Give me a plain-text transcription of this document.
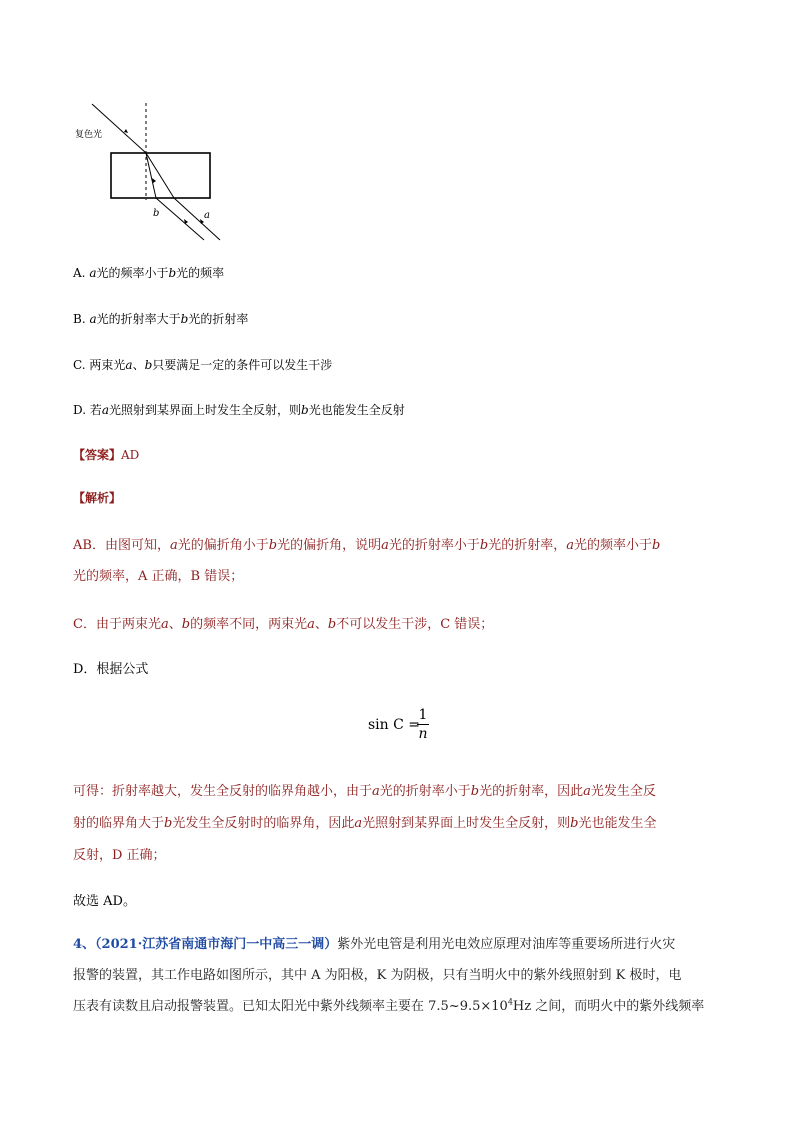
复色光
b	a
A. a光的频率小于b光的频率
B. a光的折射率大于b光的折射率
C. 两束光a、b只要满足一定的条件可以发生干涉
D. 若a光照射到某界面上时发生全反射，则b光也能发生全反射
【答案】AD
【解析】
AB．由图可知，a光的偏折角小于b光的偏折角，说明a光的折射率小于b光的折射率，a光的频率小于b
光的频率，A 正确，B 错误；
C．由于两束光a、b的频率不同，两束光a、b不可以发生干涉，C 错误；
D．根据公式
sin C =
1
n
可得：折射率越大，发生全反射的临界角越小，由于a光的折射率小于b光的折射率，因此a光发生全反
射的临界角大于b光发生全反射时的临界角，因此a光照射到某界面上时发生全反射，则b光也能发生全
反射，D 正确；
故选 AD。
4、（2021·江苏省南通市海门一中高三一调）紫外光电管是利用光电效应原理对油库等重要场所进行火灾
报警的装置，其工作电路如图所示，其中 A 为阳极，K 为阴极，只有当明火中的紫外线照射到 K 极时，电
压表有读数且启动报警装置。已知太阳光中紫外线频率主要在 $7.5\sim 9.5\times 10^4Hz$ 之间，而明火中的紫外线频率
